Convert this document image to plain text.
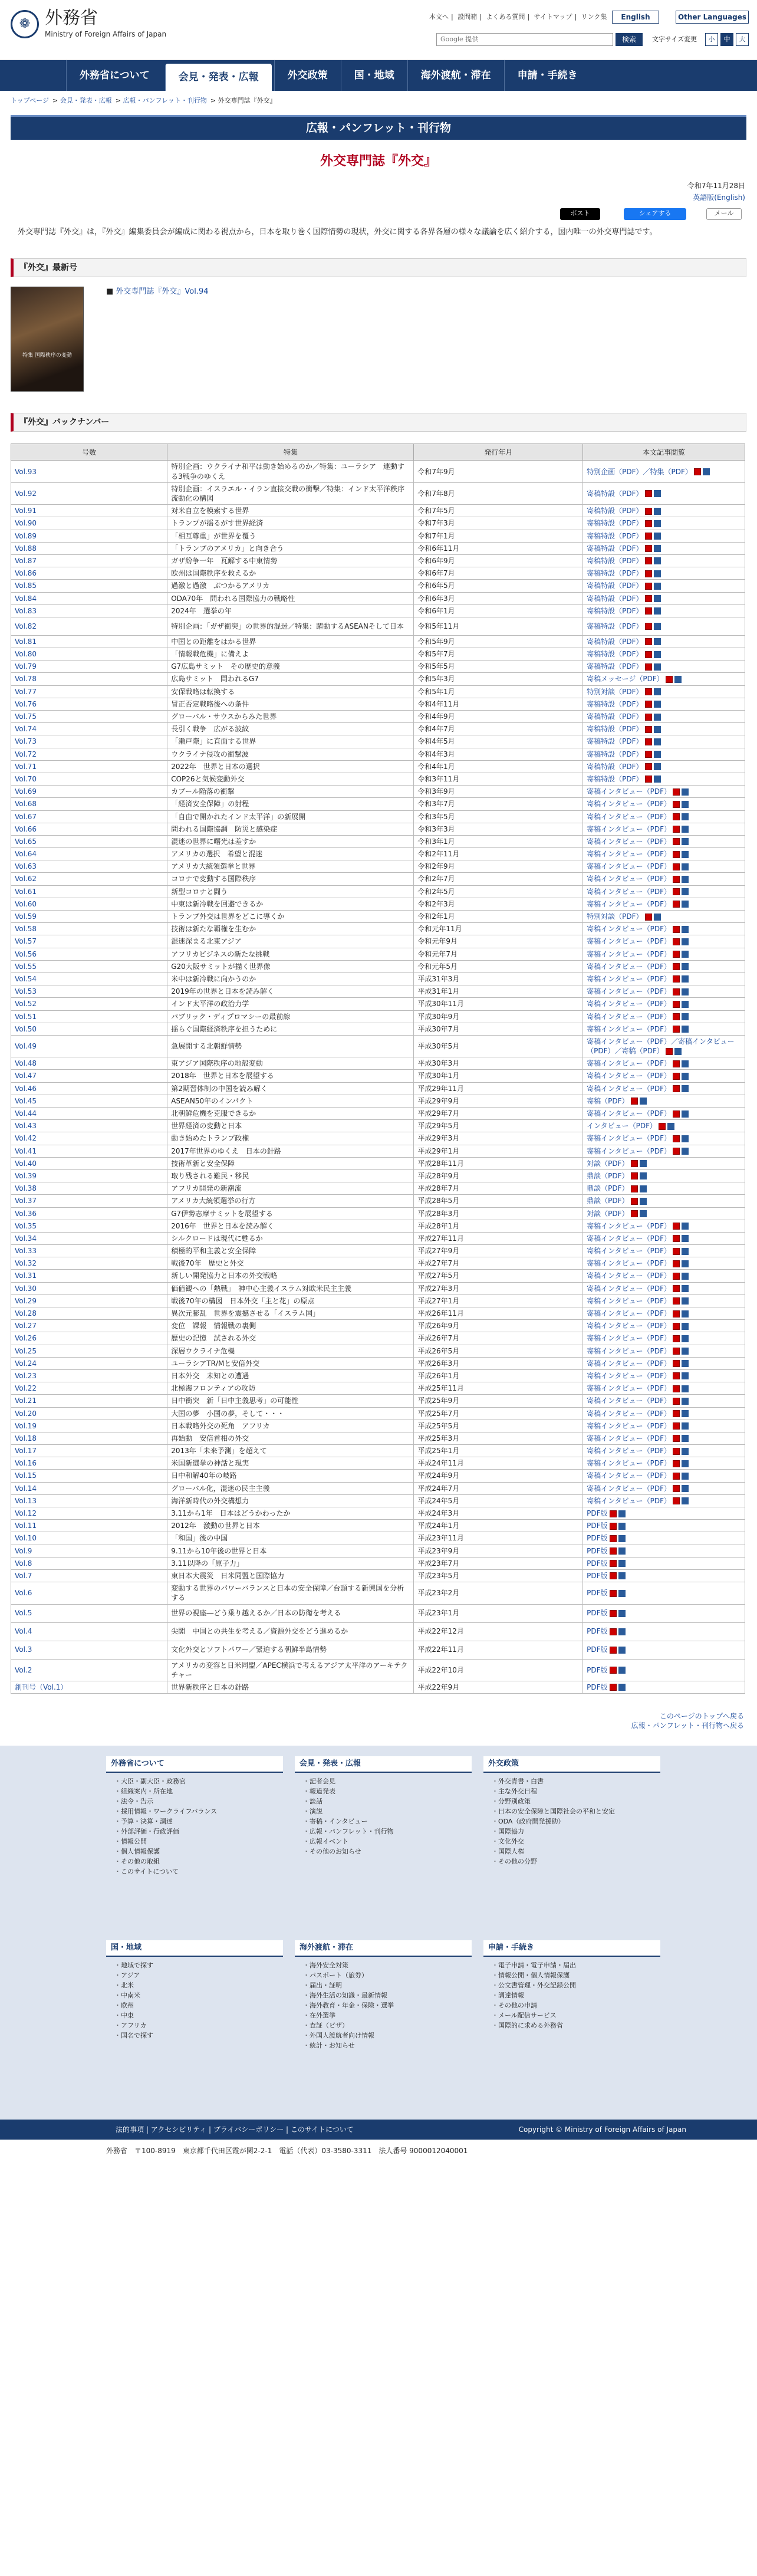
❁ 外務省
Ministry of Foreign Affairs of Japan
本文へ | 設問箱 | よくある質問 | サイトマップ | リンク集	English	Other Languages
Google 提供	検索	文字サイズ変更	小	中	大
外務省について	会見・発表・広報	外交政策	国・地域	海外渡航・滞在	申請・手続き
トップページ > 会見・発表・広報 > 広報・パンフレット・刊行物 > 外交専門誌『外交』
広報・パンフレット・刊行物
外交専門誌『外交』
令和7年11月28日
英語版(English)
ポスト	シェアする	メール
外交専門誌『外交』は，『外交』編集委員会が編成に関わる視点から，日本を取り巻く国際情勢の現状，外交に関する各界各層の様々な議論を広く紹介する，国内唯一の外交専門誌です。
『外交』最新号
特集 国際秩序の変動
■ 外交専門誌『外交』Vol.94
『外交』バックナンバー
号数	特集	発行年月	本文記事閲覧
Vol.93	特別企画：ウクライナ和平は動き始めるのか／特集：ユーラシア　連動する3戦争のゆくえ	令和7年9月	特別企画（PDF）／特集（PDF）
Vol.92	特別企画：イスラエル・イラン直接交戦の衝撃／特集：インド太平洋秩序　流動化の構図	令和7年8月	寄稿特設（PDF）
Vol.91	対米自立を模索する世界	令和7年5月	寄稿特設（PDF）
Vol.90	トランプが揺るがす世界経済	令和7年3月	寄稿特設（PDF）
Vol.89	「相互尊重」が世界を覆う	令和7年1月	寄稿特設（PDF）
Vol.88	「トランプのアメリカ」と向き合う	令和6年11月	寄稿特設（PDF）
Vol.87	ガザ紛争一年　瓦解する中東情勢	令和6年9月	寄稿特設（PDF）
Vol.86	欧州は国際秩序を救えるか	令和6年7月	寄稿特設（PDF）
Vol.85	過激と過激　ぶつかるアメリカ	令和6年5月	寄稿特設（PDF）
Vol.84	ODA70年　問われる国際協力の戦略性	令和6年3月	寄稿特設（PDF）
Vol.83	2024年　選挙の年	令和6年1月	寄稿特設（PDF）
Vol.82	特別企画：「ガザ衝突」の世界的混迷／特集：躍動するASEANそして日本	令和5年11月	寄稿特設（PDF）
Vol.81	中国との距離をはかる世界	令和5年9月	寄稿特設（PDF）
Vol.80	「情報戦危機」に備えよ	令和5年7月	寄稿特設（PDF）
Vol.79	G7広島サミット　その歴史的意義	令和5年5月	寄稿特設（PDF）
Vol.78	広島サミット　問われるG7	令和5年3月	寄稿メッセージ（PDF）
Vol.77	安保戦略は転換する	令和5年1月	特別対談（PDF）
Vol.76	冒正否定戦略後への条件	令和4年11月	寄稿特設（PDF）
Vol.75	グローバル・サウスからみた世界	令和4年9月	寄稿特設（PDF）
Vol.74	長引く戦争　広がる波紋	令和4年7月	寄稿特設（PDF）
Vol.73	「瀬戸際」に直面する世界	令和4年5月	寄稿特設（PDF）
Vol.72	ウクライナ侵攻の衝撃波	令和4年3月	寄稿特設（PDF）
Vol.71	2022年　世界と日本の選択	令和4年1月	寄稿特設（PDF）
Vol.70	COP26と気候変動外交	令和3年11月	寄稿特設（PDF）
Vol.69	カブール陥落の衝撃	令和3年9月	寄稿インタビュー（PDF）
Vol.68	「経済安全保障」の射程	令和3年7月	寄稿インタビュー（PDF）
Vol.67	「自由で開かれたインド太平洋」の新展開	令和3年5月	寄稿インタビュー（PDF）
Vol.66	問われる国際協調　防災と感染症	令和3年3月	寄稿インタビュー（PDF）
Vol.65	混迷の世界に曙光は差すか	令和3年1月	寄稿インタビュー（PDF）
Vol.64	アメリカの選択　希望と混迷	令和2年11月	寄稿インタビュー（PDF）
Vol.63	アメリカ大統領選挙と世界	令和2年9月	寄稿インタビュー（PDF）
Vol.62	コロナで変動する国際秩序	令和2年7月	寄稿インタビュー（PDF）
Vol.61	新型コロナと闘う	令和2年5月	寄稿インタビュー（PDF）
Vol.60	中東は新冷戦を回避できるか	令和2年3月	寄稿インタビュー（PDF）
Vol.59	トランプ外交は世界をどこに導くか	令和2年1月	特別対談（PDF）
Vol.58	技術は新たな覇権を生むか	令和元年11月	寄稿インタビュー（PDF）
Vol.57	混迷深まる北東アジア	令和元年9月	寄稿インタビュー（PDF）
Vol.56	アフリカビジネスの新たな挑戦	令和元年7月	寄稿インタビュー（PDF）
Vol.55	G20大阪サミットが描く世界像	令和元年5月	寄稿インタビュー（PDF）
Vol.54	米中は新冷戦に向かうのか	平成31年3月	寄稿インタビュー（PDF）
Vol.53	2019年の世界と日本を読み解く	平成31年1月	寄稿インタビュー（PDF）
Vol.52	インド太平洋の政治力学	平成30年11月	寄稿インタビュー（PDF）
Vol.51	パブリック・ディプロマシーの最前線	平成30年9月	寄稿インタビュー（PDF）
Vol.50	揺らぐ国際経済秩序を担うために	平成30年7月	寄稿インタビュー（PDF）
Vol.49	急展開する北朝鮮情勢	平成30年5月	寄稿インタビュー（PDF）／寄稿インタビュー（PDF）／寄稿（PDF）
Vol.48	東アジア国際秩序の地殻変動	平成30年3月	寄稿インタビュー（PDF）
Vol.47	2018年　世界と日本を展望する	平成30年1月	寄稿インタビュー（PDF）
Vol.46	第2期習体制の中国を読み解く	平成29年11月	寄稿インタビュー（PDF）
Vol.45	ASEAN50年のインパクト	平成29年9月	寄稿（PDF）
Vol.44	北朝鮮危機を克服できるか	平成29年7月	寄稿インタビュー（PDF）
Vol.43	世界経済の変動と日本	平成29年5月	インタビュー（PDF）
Vol.42	動き始めたトランプ政権	平成29年3月	寄稿インタビュー（PDF）
Vol.41	2017年世界のゆくえ　日本の針路	平成29年1月	寄稿インタビュー（PDF）
Vol.40	技術革新と安全保障	平成28年11月	対談（PDF）
Vol.39	取り残される難民・移民	平成28年9月	鼎談（PDF）
Vol.38	アフリカ開発の新潮流	平成28年7月	鼎談（PDF）
Vol.37	アメリカ大統領選挙の行方	平成28年5月	鼎談（PDF）
Vol.36	G7伊勢志摩サミットを展望する	平成28年3月	対談（PDF）
Vol.35	2016年　世界と日本を読み解く	平成28年1月	寄稿インタビュー（PDF）
Vol.34	シルクロードは現代に甦るか	平成27年11月	寄稿インタビュー（PDF）
Vol.33	積極的平和主義と安全保障	平成27年9月	寄稿インタビュー（PDF）
Vol.32	戦後70年　歴史と外交	平成27年7月	寄稿インタビュー（PDF）
Vol.31	新しい開発協力と日本の外交戦略	平成27年5月	寄稿インタビュー（PDF）
Vol.30	価値観への「熱戦」　神中心主義イスラム対欧米民主主義	平成27年3月	寄稿インタビュー（PDF）
Vol.29	戦後70年の構図　日本外交「主と花」の原点	平成27年1月	寄稿インタビュー（PDF）
Vol.28	異次元膨乱　世界を震撼させる「イスラム国」	平成26年11月	寄稿インタビュー（PDF）
Vol.27	変位　課報　情報戦の裏側	平成26年9月	寄稿インタビュー（PDF）
Vol.26	歴史の記憶　試される外交	平成26年7月	寄稿インタビュー（PDF）
Vol.25	深層ウクライナ危機	平成26年5月	寄稿インタビュー（PDF）
Vol.24	ユーラシアTR/Mと安倍外交	平成26年3月	寄稿インタビュー（PDF）
Vol.23	日本外交　未知との遭遇	平成26年1月	寄稿インタビュー（PDF）
Vol.22	北極海フロンティアの攻防	平成25年11月	寄稿インタビュー（PDF）
Vol.21	日中衝突　新「日中主義思考」の可能性	平成25年9月	寄稿インタビュー（PDF）
Vol.20	大国の夢　小国の夢，そして・・・	平成25年7月	寄稿インタビュー（PDF）
Vol.19	日本戦略外交の死角　アフリカ	平成25年5月	寄稿インタビュー（PDF）
Vol.18	再始動　安倍首相の外交	平成25年3月	寄稿インタビュー（PDF）
Vol.17	2013年「未来予測」を超えて	平成25年1月	寄稿インタビュー（PDF）
Vol.16	米国新選挙の神話と現実	平成24年11月	寄稿インタビュー（PDF）
Vol.15	日中和解40年の岐路	平成24年9月	寄稿インタビュー（PDF）
Vol.14	グローバル化，混迷の民主主義	平成24年7月	寄稿インタビュー（PDF）
Vol.13	海洋新時代の外交構想力	平成24年5月	寄稿インタビュー（PDF）
Vol.12	3.11から1年　日本はどうかわったか	平成24年3月	PDF版
Vol.11	2012年　激動の世界と日本	平成24年1月	PDF版
Vol.10	「和国」後の中国	平成23年11月	PDF版
Vol.9	9.11から10年後の世界と日本	平成23年9月	PDF版
Vol.8	3.11以降の「原子力」	平成23年7月	PDF版
Vol.7	東日本大震災　日米同盟と国際協力	平成23年5月	PDF版
Vol.6	変動する世界のパワーバランスと日本の安全保障／台頭する新興国を分析する	平成23年2月	PDF版
Vol.5	世界の視座―どう乗り越えるか／日本の防衛を考える	平成23年1月	PDF版
Vol.4	尖閣　中国との共生を考える／資源外交をどう進めるか	平成22年12月	PDF版
Vol.3	文化外交とソフトパワー／緊迫する朝鮮半島情勢	平成22年11月	PDF版
Vol.2	アメリカの変容と日米同盟／APEC横浜で考えるアジア太平洋のアーキテクチャー	平成22年10月	PDF版
創刊号（Vol.1）	世界新秩序と日本の針路	平成22年9月	PDF版
このページのトップへ戻る
広報・パンフレット・刊行物へ戻る
外務省について
・ 大臣・副大臣・政務官
・ 組織案内・所在地
・ 法令・告示
・ 採用情報・ワークライフバランス
・ 予算・決算・調達
・ 外部評価・行政評価
・ 情報公開
・ 個人情報保護
・ その他の取組
・ このサイトについて
会見・発表・広報
・ 記者会見
・ 報道発表
・ 談話
・ 演説
・ 寄稿・インタビュー
・ 広報・パンフレット・刊行物
・ 広報イベント
・ その他のお知らせ
外交政策
・ 外交青書・白書
・ 主な外交日程
・ 分野別政策
・ 日本の安全保障と国際社会の平和と安定
・ ODA（政府開発援助）
・ 国際協力
・ 文化外交
・ 国際人権
・ その他の分野
国・地域
・ 地域で探す
・ アジア
・ 北米
・ 中南米
・ 欧州
・ 中東
・ アフリカ
・ 国名で探す
海外渡航・滞在
・ 海外安全対策
・ パスポート（旅券）
・ 届出・証明
・ 海外生活の知識・最新情報
・ 海外教育・年金・保険・選挙
・ 在外選挙
・ 査証（ビザ）
・ 外国人渡航者向け情報
・ 統計・お知らせ
申請・手続き
・ 電子申請・電子申請・届出
・ 情報公開・個人情報保護
・ 公文書管理・外交記録公開
・ 調達情報
・ その他の申請
・ メール配信サービス
・ 国際的に求める外務省
法的事項 | アクセシビリティ | プライバシーポリシー | このサイトについて	Copyright © Ministry of Foreign Affairs of Japan
外務省　〒100-8919　東京都千代田区霞が関2-2-1　電話（代表）03-3580-3311　法人番号 9000012040001
